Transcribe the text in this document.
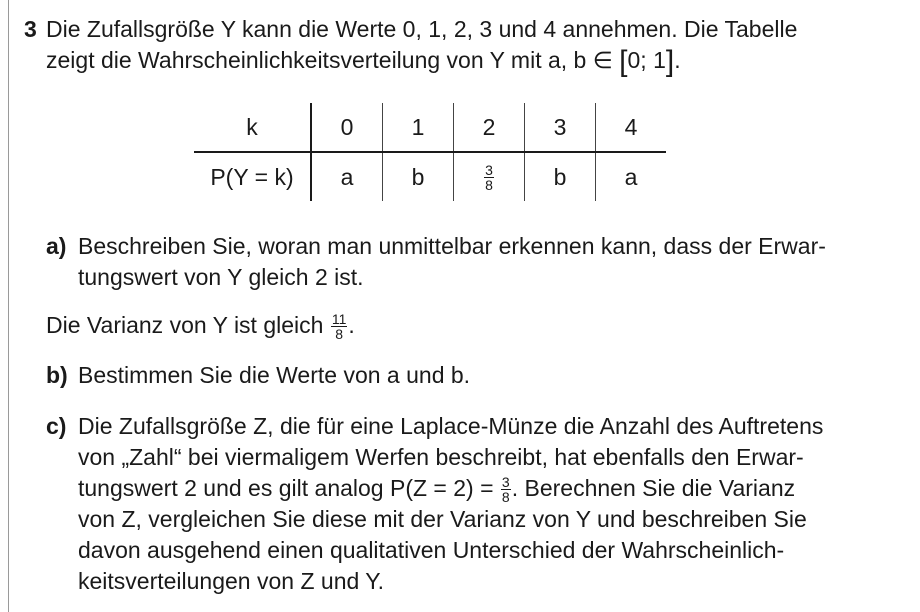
3 Die Zufallsgröße Y kann die Werte 0, 1, 2, 3 und 4 annehmen. Die Tabelle
zeigt die Wahrscheinlichkeitsverteilung von Y mit a, b ∈ [0; 1].
k	0	1	2	3	4
P(Y = k)	a	b	$\frac{3}{8}$	b	a
a) Beschreiben Sie, woran man unmittelbar erkennen kann, dass der Erwar-
tungswert von Y gleich 2 ist.
Die Varianz von Y ist gleich $\frac{11}{8}$ .
b) Bestimmen Sie die Werte von a und b.
c) Die Zufallsgröße Z, die für eine Laplace-Münze die Anzahl des Auftretens
von „Zahl“ bei viermaligem Werfen beschreibt, hat ebenfalls den Erwar-
tungswert 2 und es gilt analog $P(Z = 2) = \frac{3}{8}$ . Berechnen Sie die Varianz
von Z, vergleichen Sie diese mit der Varianz von Y und beschreiben Sie
davon ausgehend einen qualitativen Unterschied der Wahrscheinlich-
keitsverteilungen von Z und Y.
